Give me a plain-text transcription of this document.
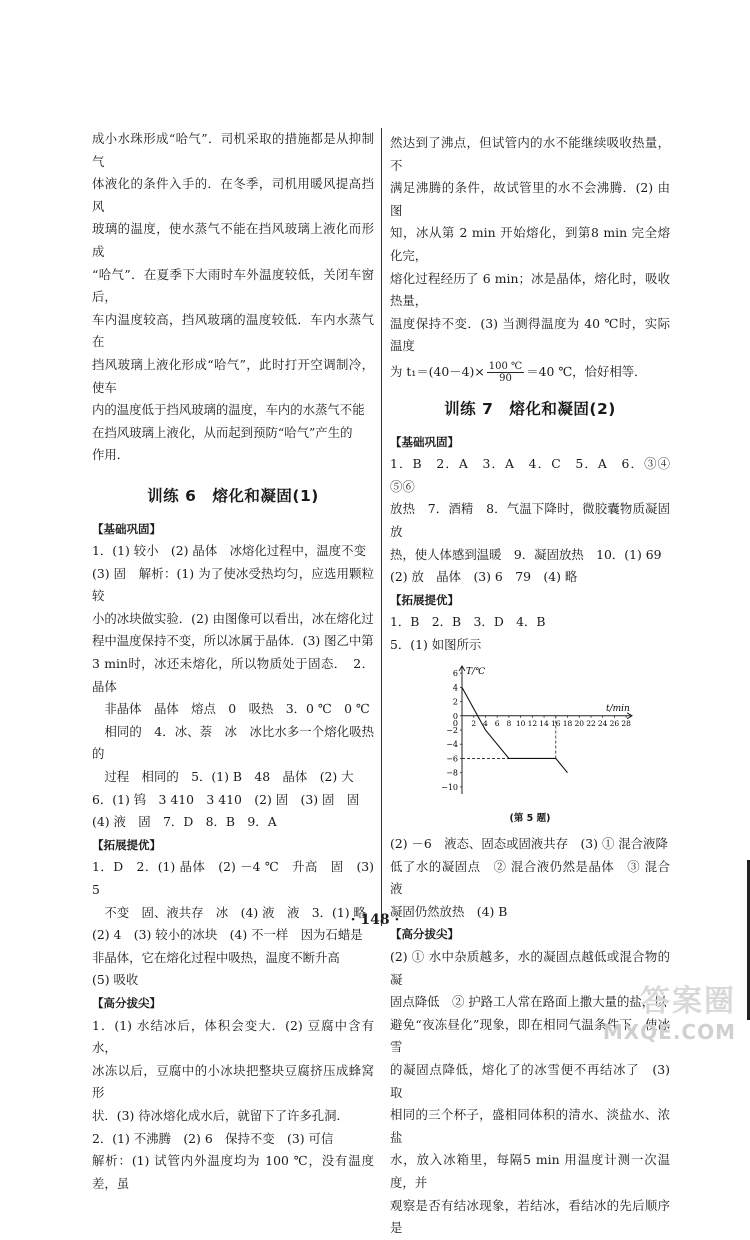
成小水珠形成“哈气”．司机采取的措施都是从抑制气

体液化的条件入手的．在冬季，司机用暖风提高挡风

玻璃的温度，使水蒸气不能在挡风玻璃上液化而形成

“哈气”．在夏季下大雨时车外温度较低，关闭车窗后，

车内温度较高，挡风玻璃的温度较低．车内水蒸气在

挡风玻璃上液化形成“哈气”，此时打开空调制冷，使车

内的温度低于挡风玻璃的温度，车内的水蒸气不能

在挡风玻璃上液化，从而起到预防“哈气”产生的

作用．

训练 6　熔化和凝固(1)

【基础巩固】

1．(1) 较小　(2) 晶体　冰熔化过程中，温度不变

(3) 固　解析：(1) 为了使冰受热均匀，应选用颗粒较

小的冰块做实验．(2) 由图像可以看出，冰在熔化过

程中温度保持不变，所以冰属于晶体．(3) 图乙中第

3 min时，冰还未熔化，所以物质处于固态．　2．晶体

　非晶体　晶体　熔点　0　吸热　3．0 ℃　0 ℃

　相同的　4．冰、萘　冰　冰比水多一个熔化吸热的

　过程　相同的　5．(1) B　48　晶体　(2) 大

6．(1) 钨　3 410　3 410　(2) 固　(3) 固　固

(4) 液　固　7．D　8．B　9．A

【拓展提优】

1．D　2．(1) 晶体　(2) －4 ℃　升高　固　(3) 5

　不变　固、液共存　冰　(4) 液　液　3．(1) 略

(2) 4　(3) 较小的冰块　(4) 不一样　因为石蜡是

非晶体，它在熔化过程中吸热，温度不断升高

(5) 吸收

【高分拔尖】

1．(1) 水结冰后，体积会变大．(2) 豆腐中含有水，

冰冻以后，豆腐中的小冰块把整块豆腐挤压成蜂窝形

状．(3) 待冰熔化成水后，就留下了许多孔洞．

2．(1) 不沸腾　(2) 6　保持不变　(3) 可信

解析：(1) 试管内外温度均为 100 ℃，没有温度差，虽

然达到了沸点，但试管内的水不能继续吸收热量，不

满足沸腾的条件，故试管里的水不会沸腾．(2) 由图

知，冰从第 2 min 开始熔化，到第8 min 完全熔化完，

熔化过程经历了 6 min；冰是晶体，熔化时，吸收热量，

温度保持不变．(3) 当测得温度为 40 ℃时，实际温度

为 $t_1=(40-4)\times \frac{100 ℃}{90} =40$ ℃，恰好相等．

训练 7　熔化和凝固(2)

【基础巩固】

1．B　2．A　3．A　4．C　5．A　6．③④　⑤⑥

放热　7．酒精　8．气温下降时，微胶囊物质凝固放

热，使人体感到温暖　9．凝固放热　10．(1) 69

(2) 放　晶体　(3) 6　79　(4) 略

【拓展提优】

1．B　2．B　3．D　4．B

5．(1) 如图所示

T/℃
t/min
6
4
2
0
−2
−4
−6
−8
−10
2 4 6 8 10 12 14 16 18 20 22 24 26 28
0

(第 5 题)

(2) －6　液态、固态或固液共存　(3) ① 混合液降

低了水的凝固点　② 混合液仍然是晶体　③ 混合液

凝固仍然放热　(4) B

【高分拔尖】

(2) ① 水中杂质越多，水的凝固点越低或混合物的凝

固点降低　② 护路工人常在路面上撒大量的盐，以

避免“夜冻昼化”现象，即在相同气温条件下，使冰雪

的凝固点降低，熔化了的冰雪便不再结冰了　(3) 取

相同的三个杯子，盛相同体积的清水、淡盐水、浓盐

水，放入冰箱里，每隔5 min 用温度计测一次温度，并

观察是否有结冰现象，若结冰，看结冰的先后顺序是

· 148 ·
答案圈
MXQE.COM
